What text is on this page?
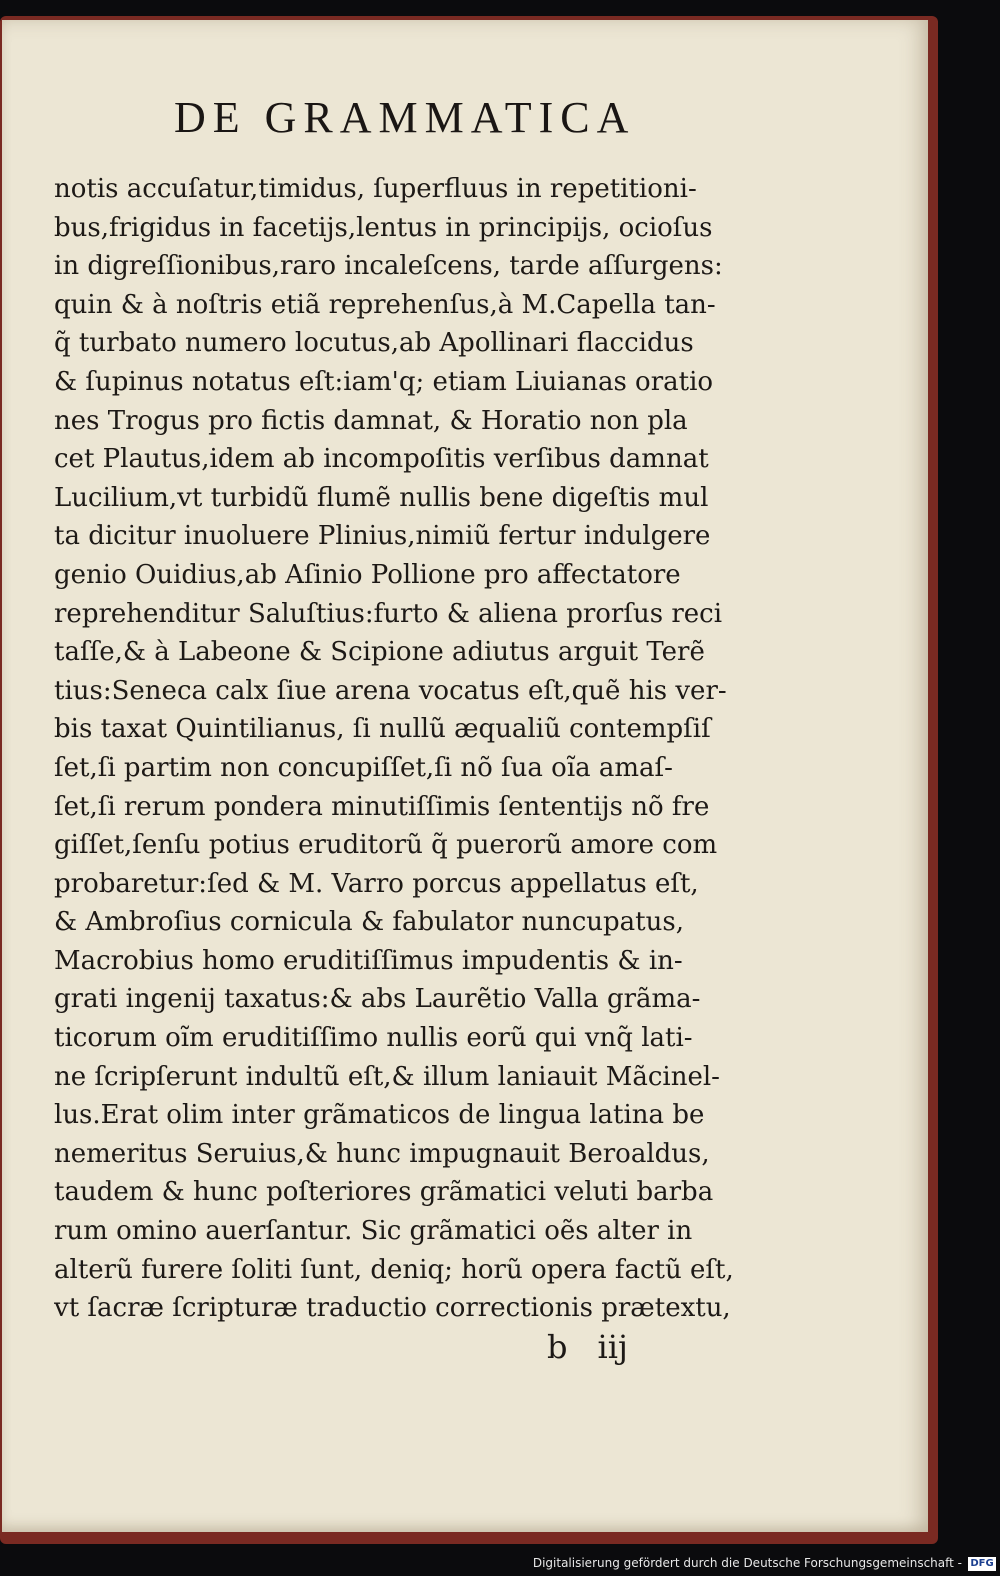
DE GRAMMATICA
notis accuſatur,timidus, ſuperfluus in repetitioni-
bus,frigidus in facetijs,lentus in principijs, ocioſus
in digreſſionibus,raro incaleſcens, tarde aſſurgens:
quin & à noſtris etiã reprehenſus,à M.Capella tan-
q̃ turbato numero locutus,ab Apollinari flaccidus
& ſupinus notatus eſt:iam'q; etiam Liuianas oratio
nes Trogus pro fictis damnat, & Horatio non pla
cet Plautus,idem ab incompoſitis verſibus damnat
Lucilium,vt turbidũ flumẽ nullis bene digeſtis mul
ta dicitur inuoluere Plinius,nimiũ fertur indulgere
genio Ouidius,ab Aſinio Pollione pro affectatore
reprehenditur Saluſtius:furto & aliena prorſus reci
taſſe,& à Labeone & Scipione adiutus arguit Terẽ
tius:Seneca calx ſiue arena vocatus eſt,quẽ his ver-
bis taxat Quintilianus, ſi nullũ æqualiũ contempſiſ
ſet,ſi partim non concupiſſet,ſi nõ ſua oĩa amaſ-
ſet,ſi rerum pondera minutiſſimis ſententijs nõ fre
giſſet,ſenſu potius eruditorũ q̃ puerorũ amore com
probaretur:ſed & M. Varro porcus appellatus eſt,
& Ambroſius cornicula & fabulator nuncupatus,
Macrobius homo eruditiſſimus impudentis & in-
grati ingenij taxatus:& abs Laurẽtio Valla grãma-
ticorum oĩm eruditiſſimo nullis eorũ qui vnq̃ lati-
ne ſcripſerunt indultũ eſt,& illum laniauit Mãcinel-
lus.Erat olim inter grãmaticos de lingua latina be
nemeritus Seruius,& hunc impugnauit Beroaldus,
taudem & hunc poſteriores grãmatici veluti barba
rum omino auerſantur. Sic grãmatici oẽs alter in
alterũ furere ſoliti ſunt, deniq; horũ opera factũ eſt,
vt ſacræ ſcripturæ traductio correctionis prætextu,
b iij
Digitalisierung gefördert durch die Deutsche Forschungsgemeinschaft - DFG
